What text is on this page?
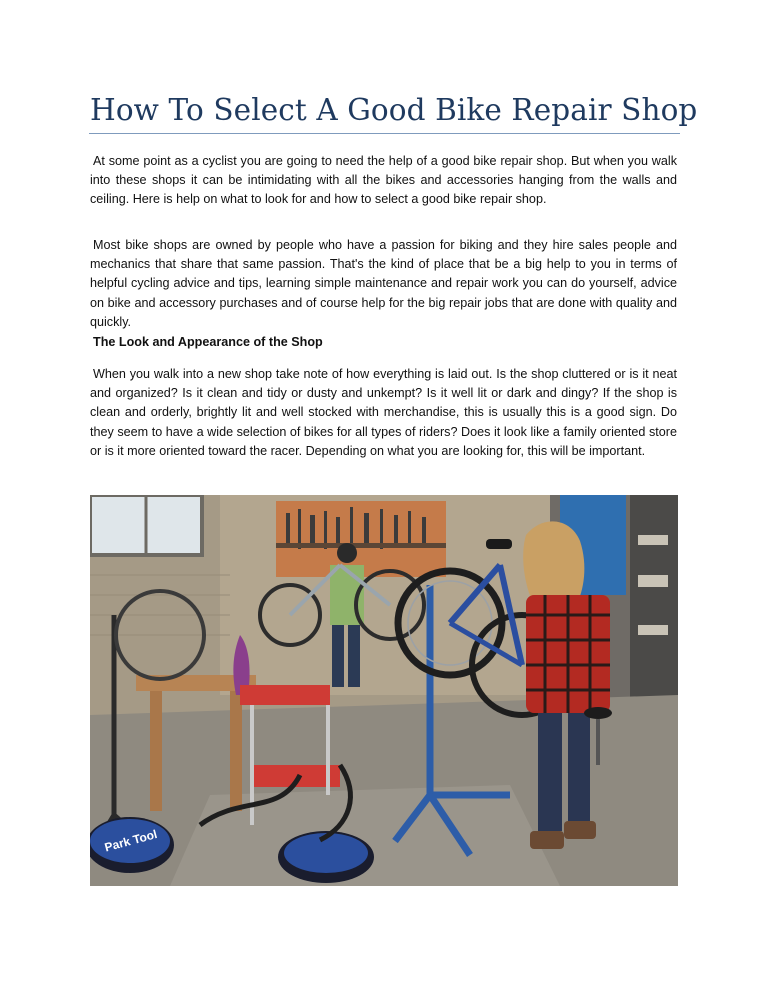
How To Select A Good Bike Repair Shop

At some point as a cyclist you are going to need the help of a good bike repair shop. But when you walk into these shops it can be intimidating with all the bikes and accessories hanging from the walls and ceiling. Here is help on what to look for and how to select a good bike repair shop.

Most bike shops are owned by people who have a passion for biking and they hire sales people and mechanics that share that same passion. That's the kind of place that be a big help to you in terms of helpful cycling advice and tips, learning simple maintenance and repair work you can do yourself, advice on bike and accessory purchases and of course help for the big repair jobs that are done with quality and quickly.

The Look and Appearance of the Shop

When you walk into a new shop take note of how everything is laid out. Is the shop cluttered or is it neat and organized? Is it clean and tidy or dusty and unkempt? Is it well lit or dark and dingy? If the shop is clean and orderly, brightly lit and well stocked with merchandise, this is usually this is a good sign. Do they seem to have a wide selection of bikes for all types of riders? Does it look like a family oriented store or is it more oriented toward the racer. Depending on what you are looking for, this will be important.

Park Tool
